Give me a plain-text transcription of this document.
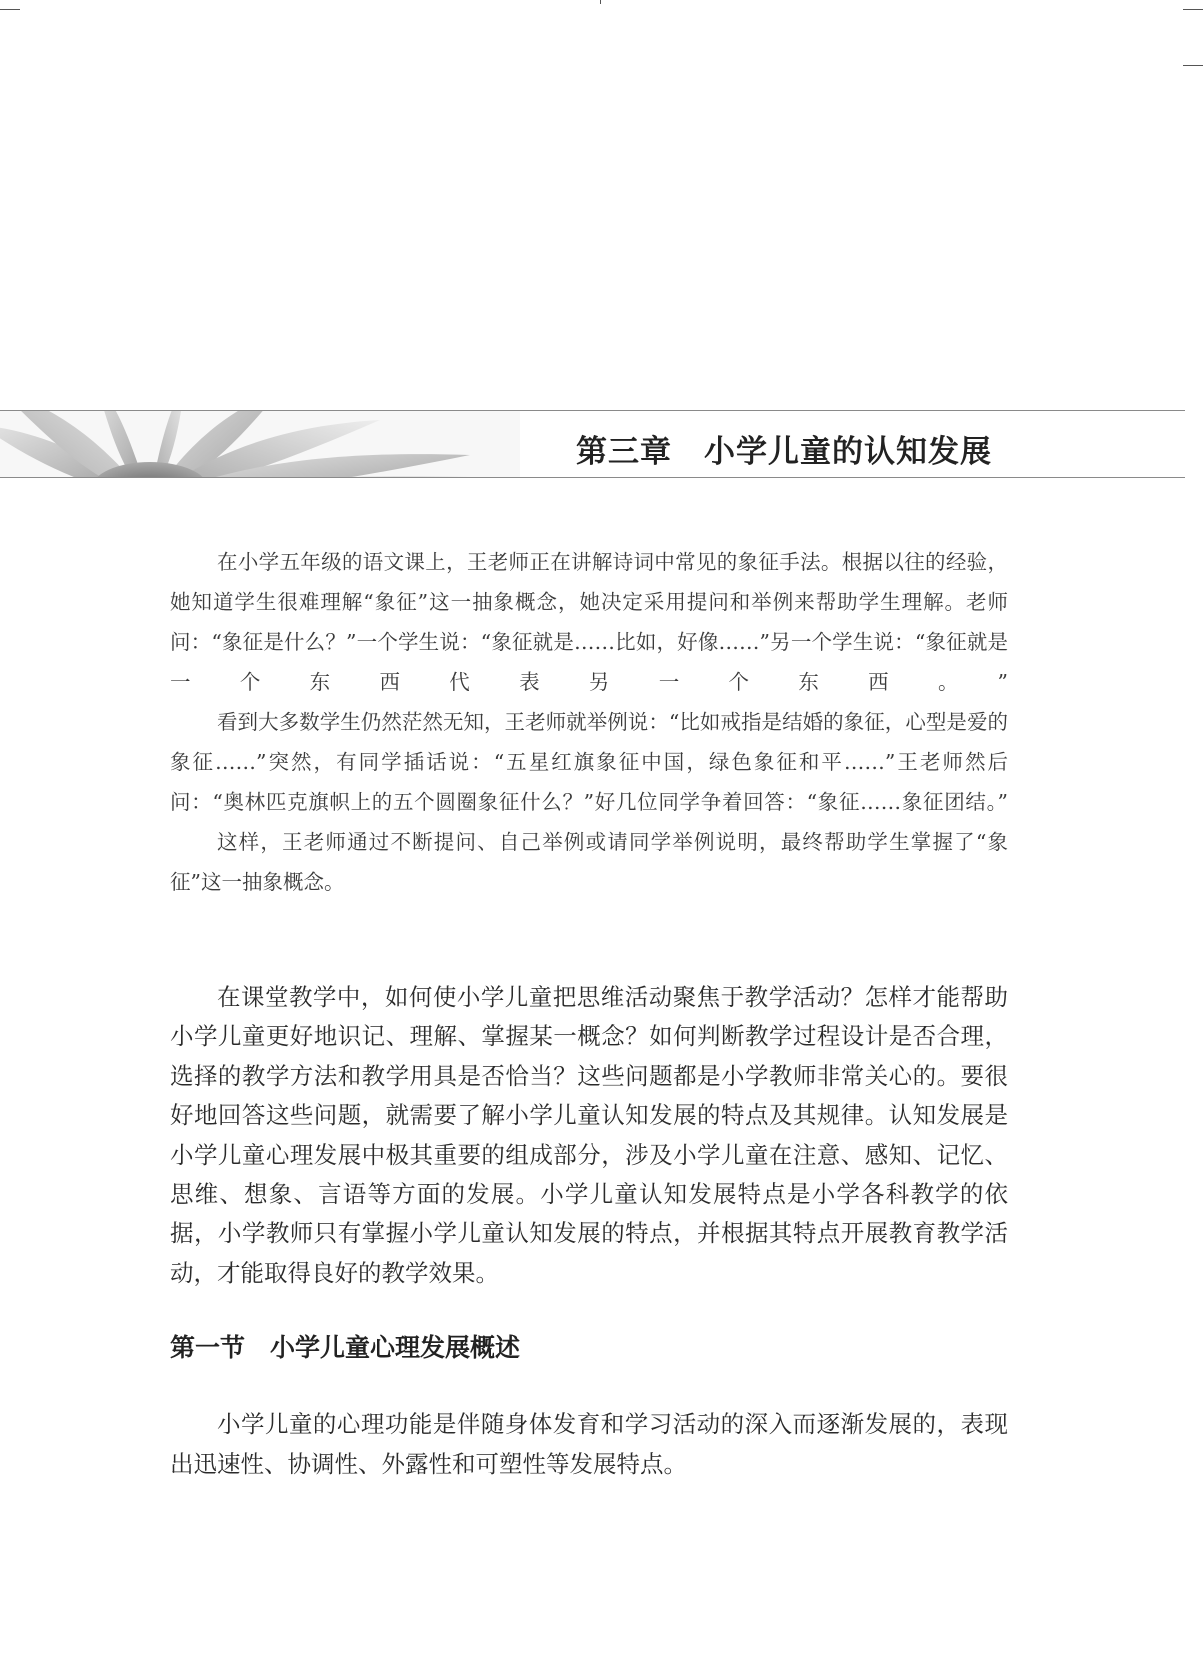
第三章　小学儿童的认知发展

在小学五年级的语文课上，王老师正在讲解诗词中常见的象征手法。根据以往的经验，她知道学生很难理解“象征”这一抽象概念，她决定采用提问和举例来帮助学生理解。老师问：“象征是什么？”一个学生说：“象征就是……比如，好像……”另一个学生说：“象征就是一个东西代表另一个东西。”

看到大多数学生仍然茫然无知，王老师就举例说：“比如戒指是结婚的象征，心型是爱的象征……”突然，有同学插话说：“五星红旗象征中国，绿色象征和平……”王老师然后问：“奥林匹克旗帜上的五个圆圈象征什么？”好几位同学争着回答：“象征……象征团结。”

这样，王老师通过不断提问、自己举例或请同学举例说明，最终帮助学生掌握了“象征”这一抽象概念。

在课堂教学中，如何使小学儿童把思维活动聚焦于教学活动？怎样才能帮助小学儿童更好地识记、理解、掌握某一概念？如何判断教学过程设计是否合理，选择的教学方法和教学用具是否恰当？这些问题都是小学教师非常关心的。要很好地回答这些问题，就需要了解小学儿童认知发展的特点及其规律。认知发展是小学儿童心理发展中极其重要的组成部分，涉及小学儿童在注意、感知、记忆、思维、想象、言语等方面的发展。小学儿童认知发展特点是小学各科教学的依据，小学教师只有掌握小学儿童认知发展的特点，并根据其特点开展教育教学活动，才能取得良好的教学效果。

第一节　小学儿童心理发展概述

小学儿童的心理功能是伴随身体发育和学习活动的深入而逐渐发展的，表现出迅速性、协调性、外露性和可塑性等发展特点。
